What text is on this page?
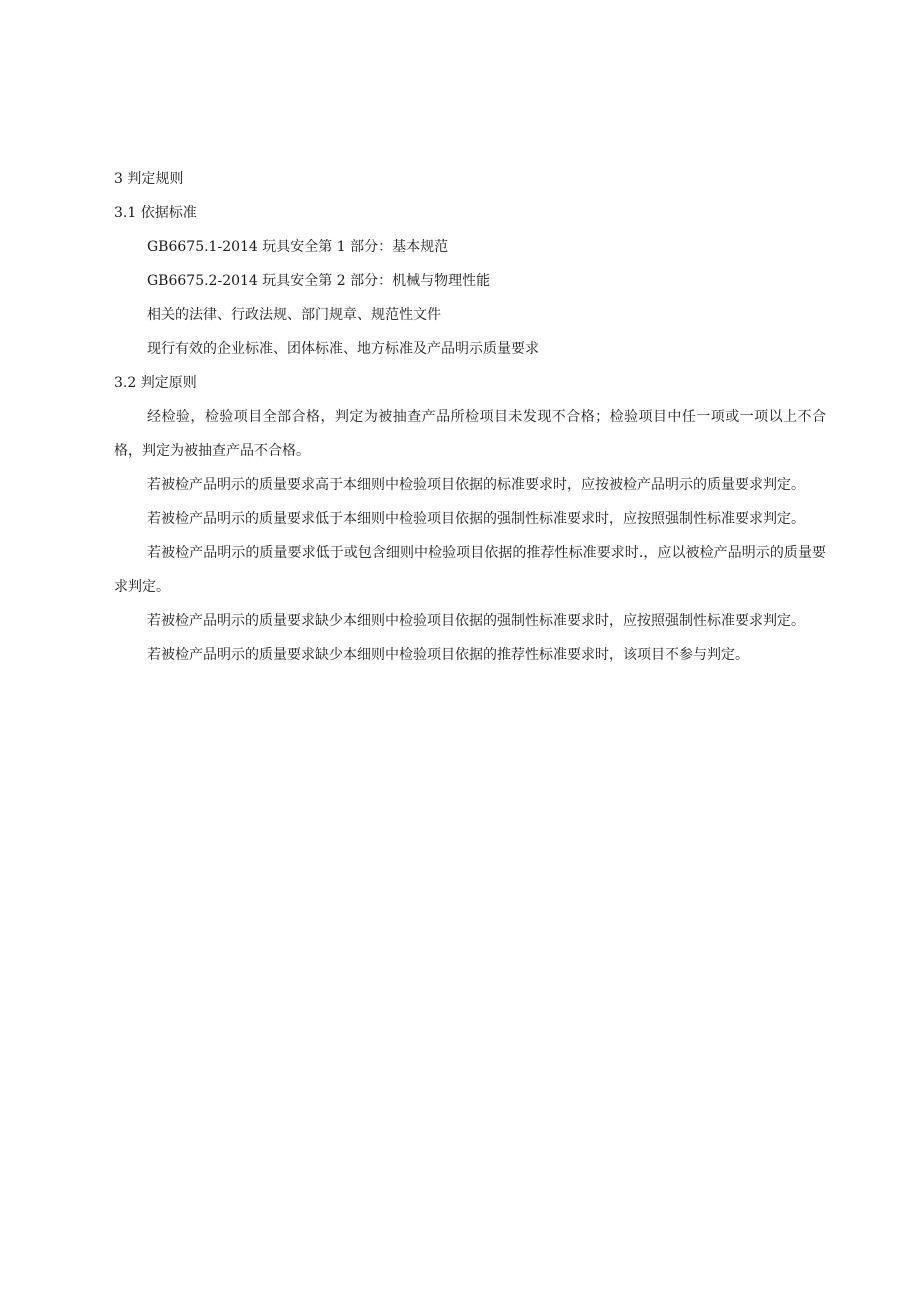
3 判定规则
3.1 依据标准

GB6675.1-2014 玩具安全第 1 部分：基本规范

GB6675.2-2014 玩具安全第 2 部分：机械与物理性能

相关的法律、行政法规、部门规章、规范性文件

现行有效的企业标准、团体标准、地方标准及产品明示质量要求

3.2 判定原则

经检验，检验项目全部合格，判定为被抽查产品所检项目未发现不合格；检验项目中任一项或一项以上不合格，判定为被抽查产品不合格。

若被检产品明示的质量要求高于本细则中检验项目依据的标准要求时，应按被检产品明示的质量要求判定。

若被检产品明示的质量要求低于本细则中检验项目依据的强制性标准要求时，应按照强制性标准要求判定。

若被检产品明示的质量要求低于或包含细则中检验项目依据的推荐性标准要求时.，应以被检产品明示的质量要求判定。

若被检产品明示的质量要求缺少本细则中检验项目依据的强制性标准要求时，应按照强制性标准要求判定。

若被检产品明示的质量要求缺少本细则中检验项目依据的推荐性标准要求时，该项目不参与判定。
